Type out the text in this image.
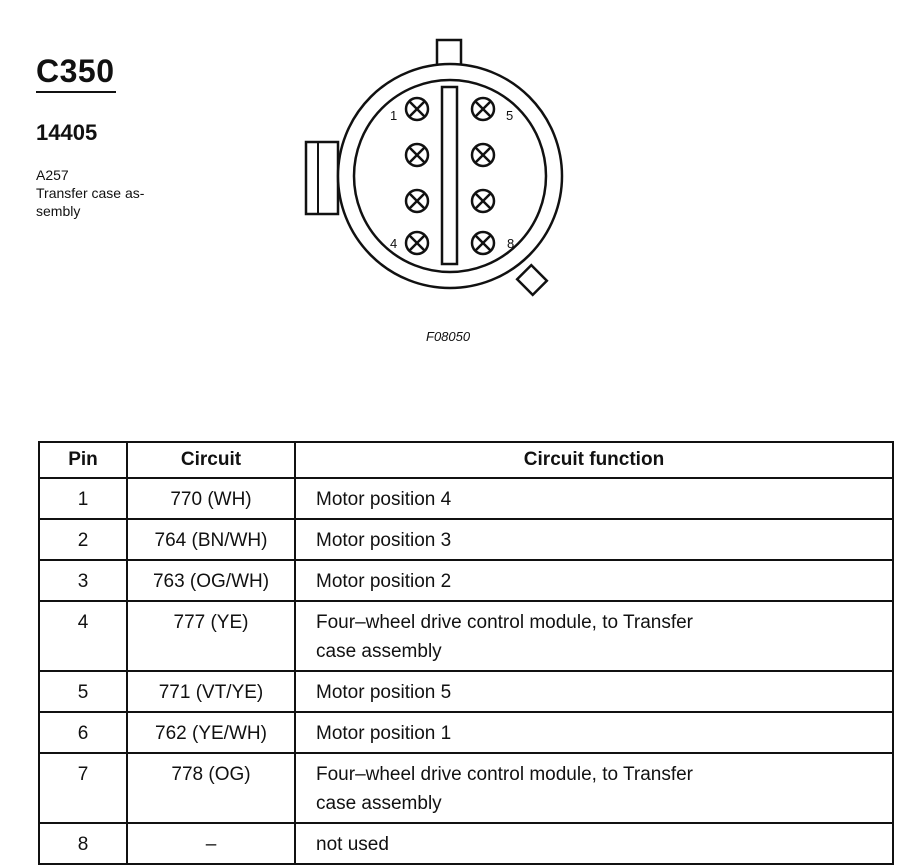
C350
14405
A257
Transfer case as-
sembly
1	5
4	8
F08050
Pin	Circuit	Circuit function
1	770 (WH)	Motor position 4
2	764 (BN/WH)	Motor position 3
3	763 (OG/WH)	Motor position 2
4	777 (YE)	Four–wheel drive control module, to Transfer
case assembly
5	771 (VT/YE)	Motor position 5
6	762 (YE/WH)	Motor position 1
7	778 (OG)	Four–wheel drive control module, to Transfer
case assembly
8	–	not used
